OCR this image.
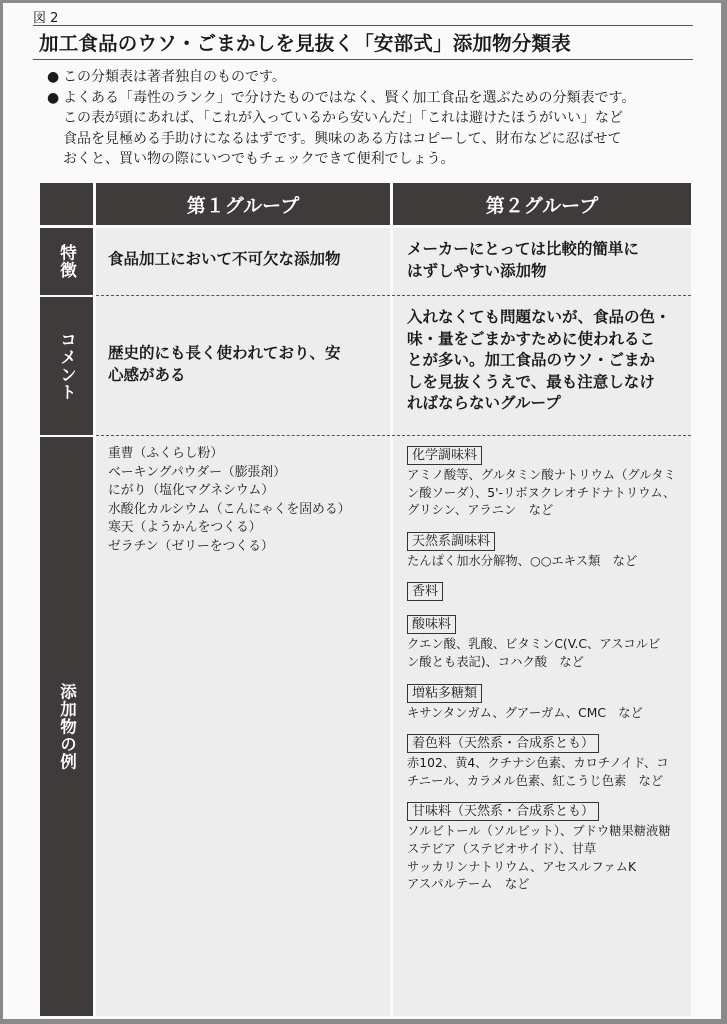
図 2
加工食品のウソ・ごまかしを見抜く「安部式」添加物分類表
● この分類表は著者独自のものです。
● よくある「毒性のランク」で分けたものではなく、賢く加工食品を選ぶための分類表です。
この表が頭にあれば、「これが入っているから安いんだ」「これは避けたほうがいい」など
食品を見極める手助けになるはずです。興味のある方はコピーして、財布などに忍ばせて
おくと、買い物の際にいつでもチェックできて便利でしょう。
第１グループ	第２グループ
特徴
コメント
添加物の例
食品加工において不可欠な添加物
メーカーにとっては比較的簡単に
はずしやすい添加物
歴史的にも長く使われており、安
心感がある
入れなくても問題ないが、食品の色・
味・量をごまかすために使われるこ
とが多い。加工食品のウソ・ごまか
しを見抜くうえで、最も注意しなけ
ればならないグループ
重曹（ふくらし粉）
ベーキングパウダー（膨張剤）
にがり（塩化マグネシウム）
水酸化カルシウム（こんにゃくを固める）
寒天（ようかんをつくる）
ゼラチン（ゼリーをつくる）
化学調味料
アミノ酸等、グルタミン酸ナトリウム（グルタミ
ン酸ソーダ）、5'-リボヌクレオチドナトリウム、
グリシン、アラニン　など
天然系調味料
たんぱく加水分解物、○○エキス類　など
香料
酸味料
クエン酸、乳酸、ビタミンC(V.C、アスコルビ
ン酸とも表記)、コハク酸　など
増粘多糖類
キサンタンガム、グアーガム、CMC　など
着色料（天然系・合成系とも）
赤102、黄4、クチナシ色素、カロチノイド、コ
チニール、カラメル色素、紅こうじ色素　など
甘味料（天然系・合成系とも）
ソルビトール（ソルビット）、ブドウ糖果糖液糖
ステビア（ステビオサイド）、甘草
サッカリンナトリウム、アセスルファムK
アスパルテーム　など
